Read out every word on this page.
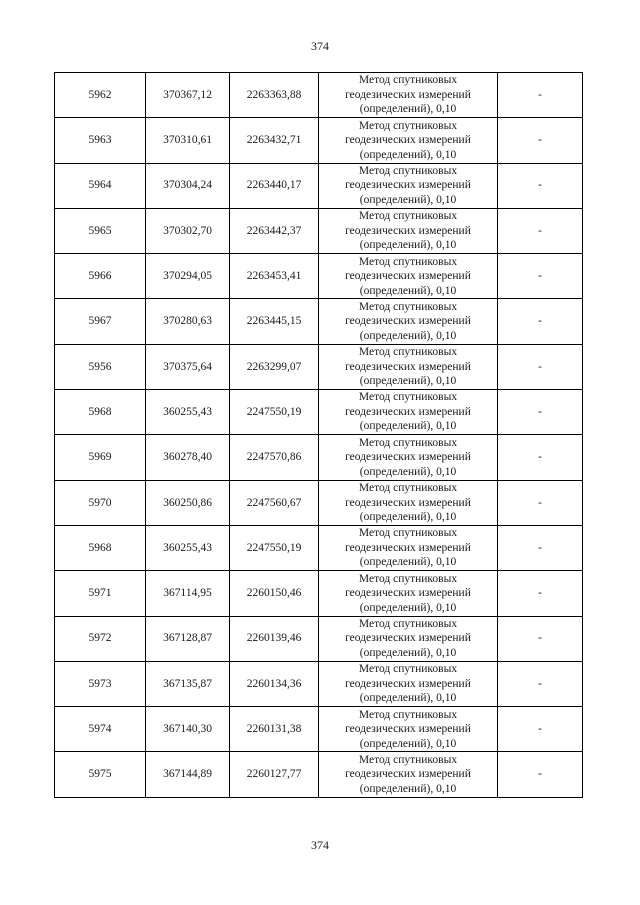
374
5962	370367,12	2263363,88	Метод спутниковых
геодезических измерений
(определений), 0,10	-
5963	370310,61	2263432,71	Метод спутниковых
геодезических измерений
(определений), 0,10	-
5964	370304,24	2263440,17	Метод спутниковых
геодезических измерений
(определений), 0,10	-
5965	370302,70	2263442,37	Метод спутниковых
геодезических измерений
(определений), 0,10	-
5966	370294,05	2263453,41	Метод спутниковых
геодезических измерений
(определений), 0,10	-
5967	370280,63	2263445,15	Метод спутниковых
геодезических измерений
(определений), 0,10	-
5956	370375,64	2263299,07	Метод спутниковых
геодезических измерений
(определений), 0,10	-
5968	360255,43	2247550,19	Метод спутниковых
геодезических измерений
(определений), 0,10	-
5969	360278,40	2247570,86	Метод спутниковых
геодезических измерений
(определений), 0,10	-
5970	360250,86	2247560,67	Метод спутниковых
геодезических измерений
(определений), 0,10	-
5968	360255,43	2247550,19	Метод спутниковых
геодезических измерений
(определений), 0,10	-
5971	367114,95	2260150,46	Метод спутниковых
геодезических измерений
(определений), 0,10	-
5972	367128,87	2260139,46	Метод спутниковых
геодезических измерений
(определений), 0,10	-
5973	367135,87	2260134,36	Метод спутниковых
геодезических измерений
(определений), 0,10	-
5974	367140,30	2260131,38	Метод спутниковых
геодезических измерений
(определений), 0,10	-
5975	367144,89	2260127,77	Метод спутниковых
геодезических измерений
(определений), 0,10	-
374
